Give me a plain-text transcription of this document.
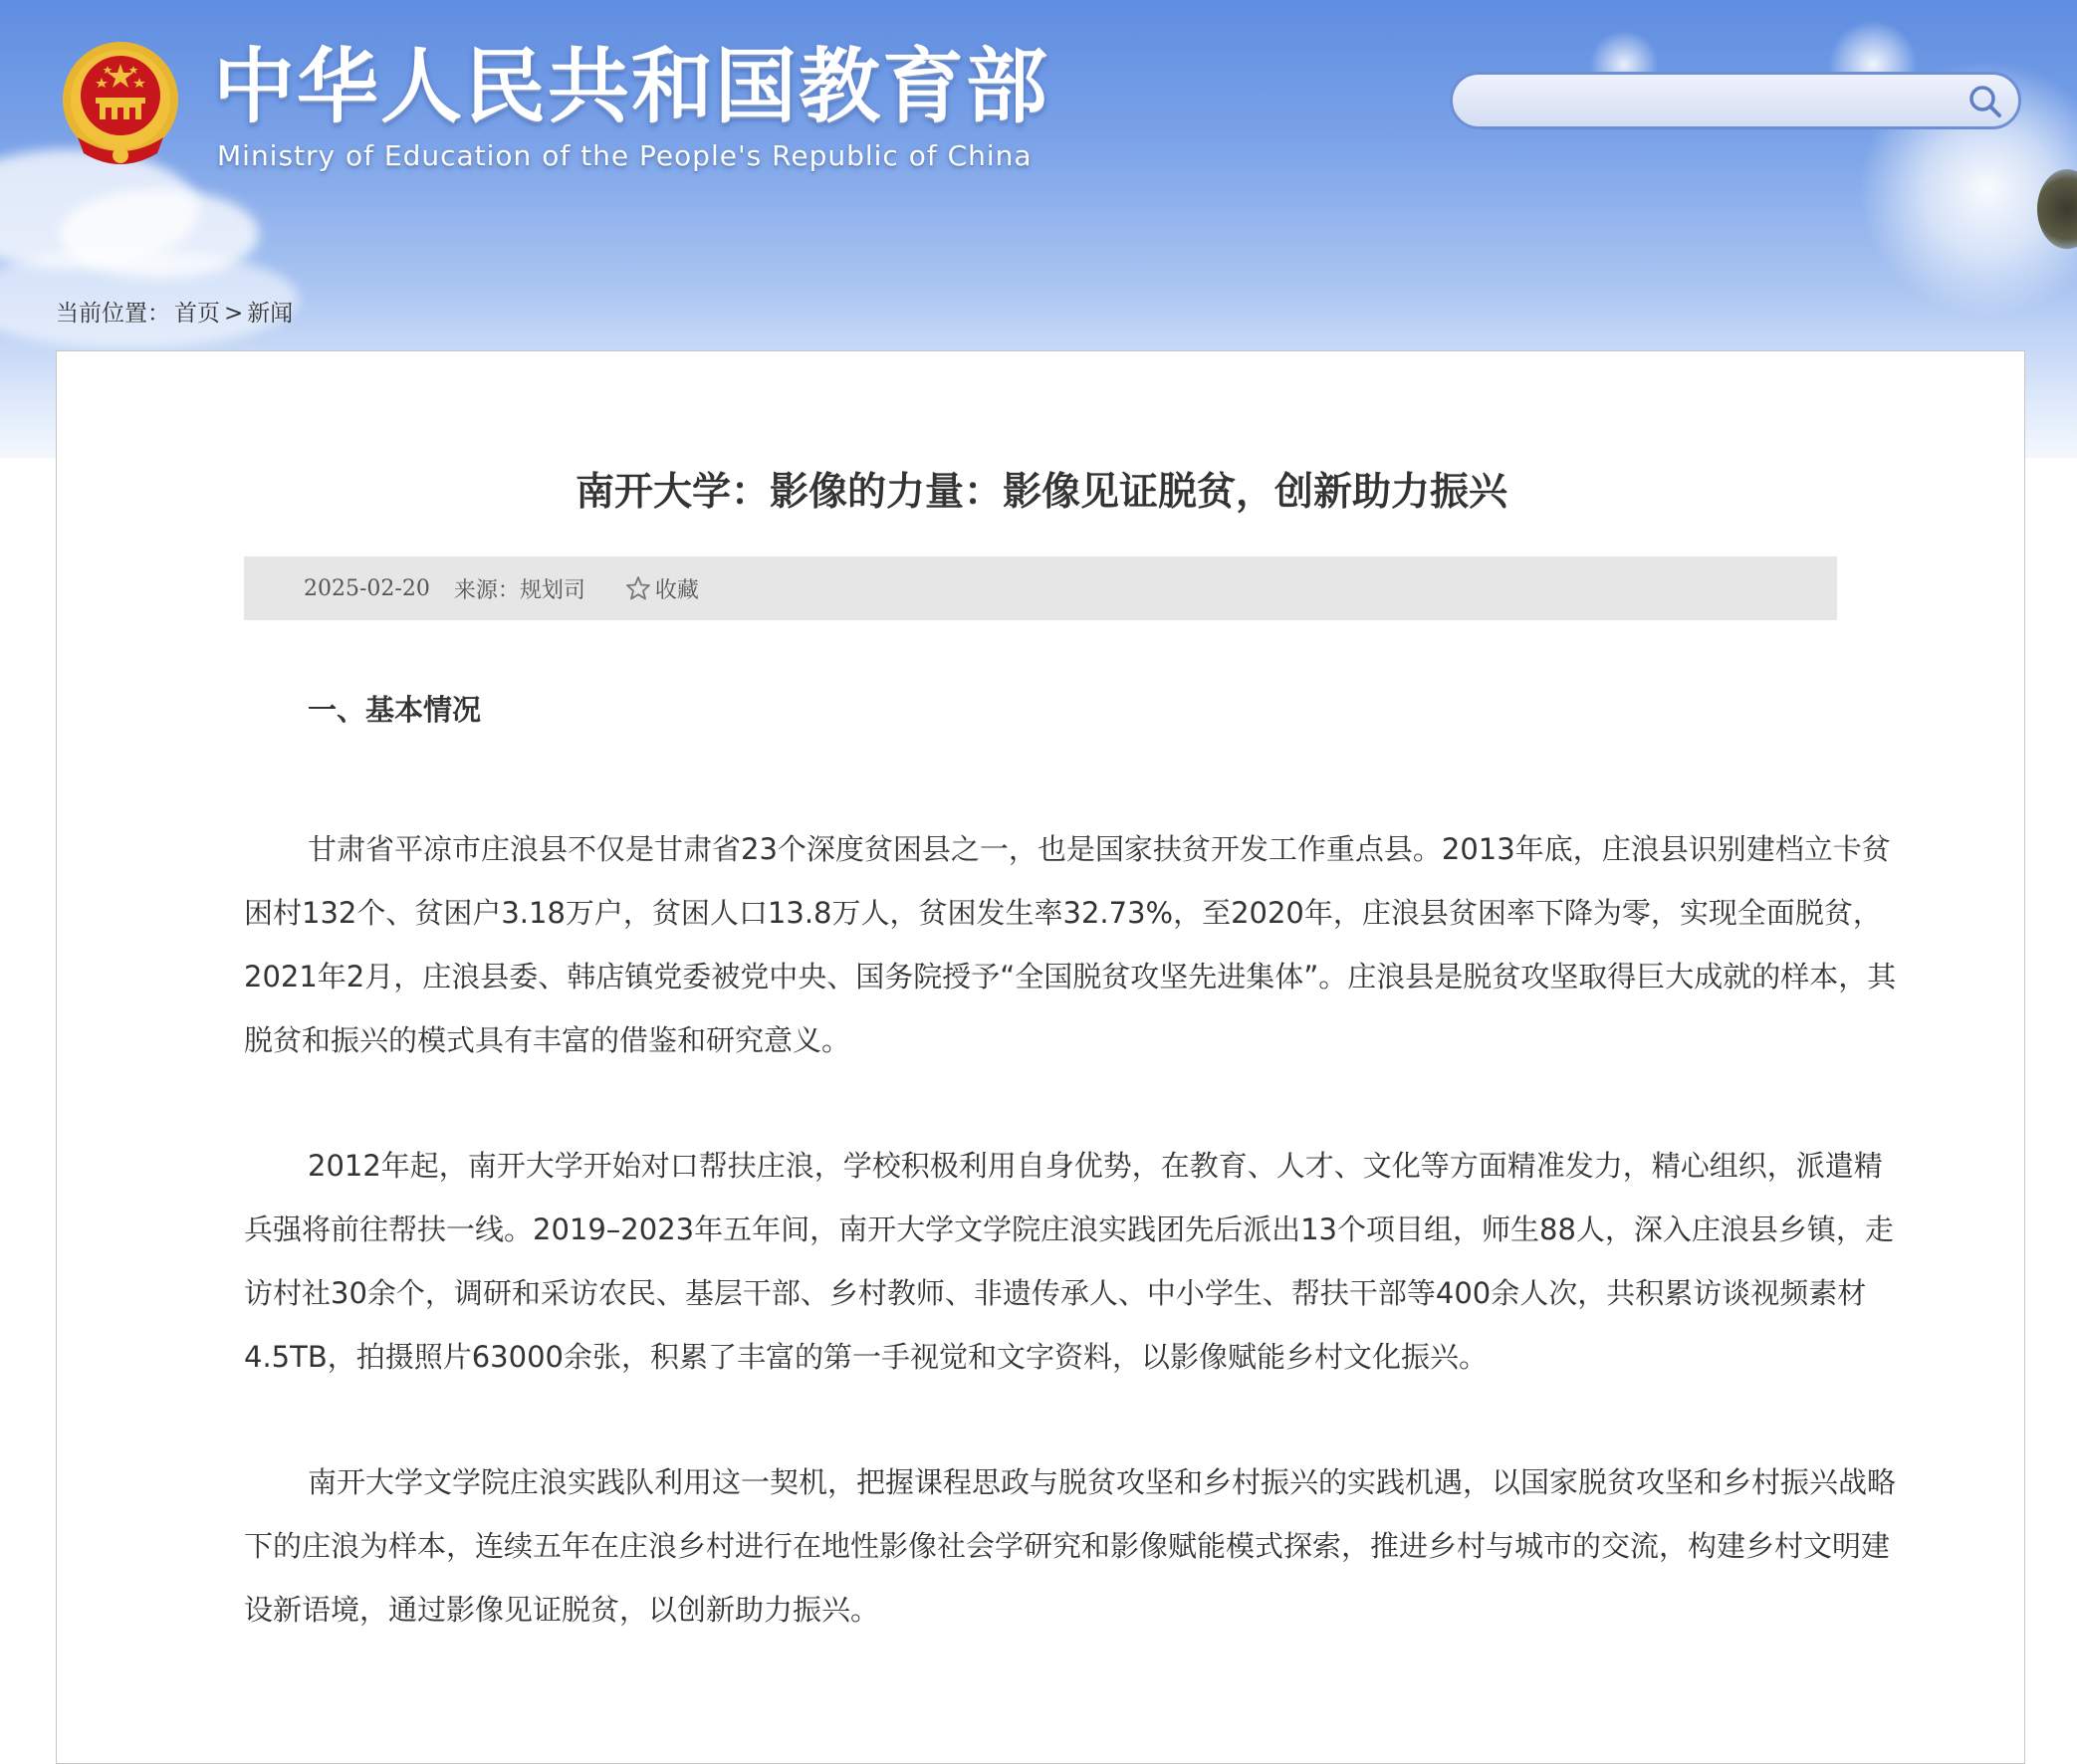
中华人民共和国教育部
Ministry of Education of the People's Republic of China
当前位置： 首页 > 新闻
南开大学：影像的力量：影像见证脱贫，创新助力振兴
2025-02-20 来源：规划司	收藏
一、基本情况

甘肃省平凉市庄浪县不仅是甘肃省23个深度贫困县之一，也是国家扶贫开发工作重点县。2013年底，庄浪县识别建档立卡贫困村132个、贫困户3.18万户，贫困人口13.8万人，贫困发生率32.73%，至2020年，庄浪县贫困率下降为零，实现全面脱贫，2021年2月，庄浪县委、韩店镇党委被党中央、国务院授予“全国脱贫攻坚先进集体”。庄浪县是脱贫攻坚取得巨大成就的样本，其脱贫和振兴的模式具有丰富的借鉴和研究意义。

2012年起，南开大学开始对口帮扶庄浪，学校积极利用自身优势，在教育、人才、文化等方面精准发力，精心组织，派遣精兵强将前往帮扶一线。2019–2023年五年间，南开大学文学院庄浪实践团先后派出13个项目组，师生88人，深入庄浪县乡镇，走访村社30余个，调研和采访农民、基层干部、乡村教师、非遗传承人、中小学生、帮扶干部等400余人次，共积累访谈视频素材4.5TB，拍摄照片63000余张，积累了丰富的第一手视觉和文字资料，以影像赋能乡村文化振兴。

南开大学文学院庄浪实践队利用这一契机，把握课程思政与脱贫攻坚和乡村振兴的实践机遇，以国家脱贫攻坚和乡村振兴战略下的庄浪为样本，连续五年在庄浪乡村进行在地性影像社会学研究和影像赋能模式探索，推进乡村与城市的交流，构建乡村文明建设新语境，通过影像见证脱贫，以创新助力振兴。
